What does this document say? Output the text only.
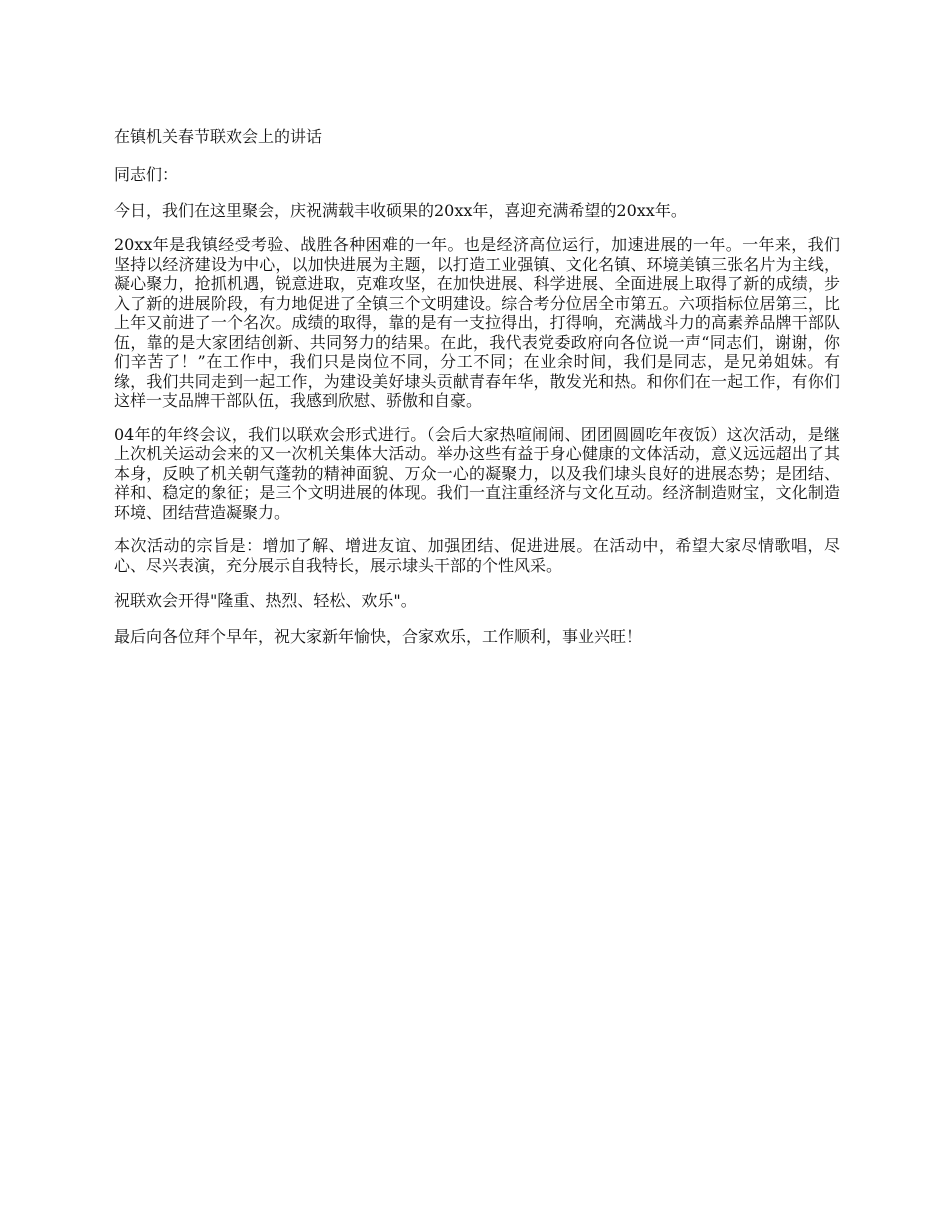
在镇机关春节联欢会上的讲话
同志们：
今日，我们在这里聚会，庆祝满载丰收硕果的20xx年，喜迎充满希望的20xx年。
20xx年是我镇经受考验、战胜各种困难的一年。也是经济高位运行，加速进展的一年。一年来，我们坚持以经济建设为中心，以加快进展为主题，以打造工业强镇、文化名镇、环境美镇三张名片为主线，凝心聚力，抢抓机遇，锐意进取，克难攻坚，在加快进展、科学进展、全面进展上取得了新的成绩，步入了新的进展阶段，有力地促进了全镇三个文明建设。综合考分位居全市第五。六项指标位居第三，比上年又前进了一个名次。成绩的取得，靠的是有一支拉得出，打得响，充满战斗力的高素养品牌干部队伍，靠的是大家团结创新、共同努力的结果。在此，我代表党委政府向各位说一声“同志们，谢谢，你们辛苦了！”在工作中，我们只是岗位不同，分工不同；在业余时间，我们是同志，是兄弟姐妹。有缘，我们共同走到一起工作，为建设美好埭头贡献青春年华，散发光和热。和你们在一起工作，有你们这样一支品牌干部队伍，我感到欣慰、骄傲和自豪。
04年的年终会议，我们以联欢会形式进行。（会后大家热喧闹闹、团团圆圆吃年夜饭）这次活动，是继上次机关运动会来的又一次机关集体大活动。举办这些有益于身心健康的文体活动，意义远远超出了其本身，反映了机关朝气蓬勃的精神面貌、万众一心的凝聚力，以及我们埭头良好的进展态势；是团结、祥和、稳定的象征；是三个文明进展的体现。我们一直注重经济与文化互动。经济制造财宝，文化制造环境、团结营造凝聚力。
本次活动的宗旨是：增加了解、增进友谊、加强团结、促进进展。在活动中，希望大家尽情歌唱，尽心、尽兴表演，充分展示自我特长，展示埭头干部的个性风采。
祝联欢会开得"隆重、热烈、轻松、欢乐"。
最后向各位拜个早年，祝大家新年愉快，合家欢乐，工作顺利，事业兴旺！
